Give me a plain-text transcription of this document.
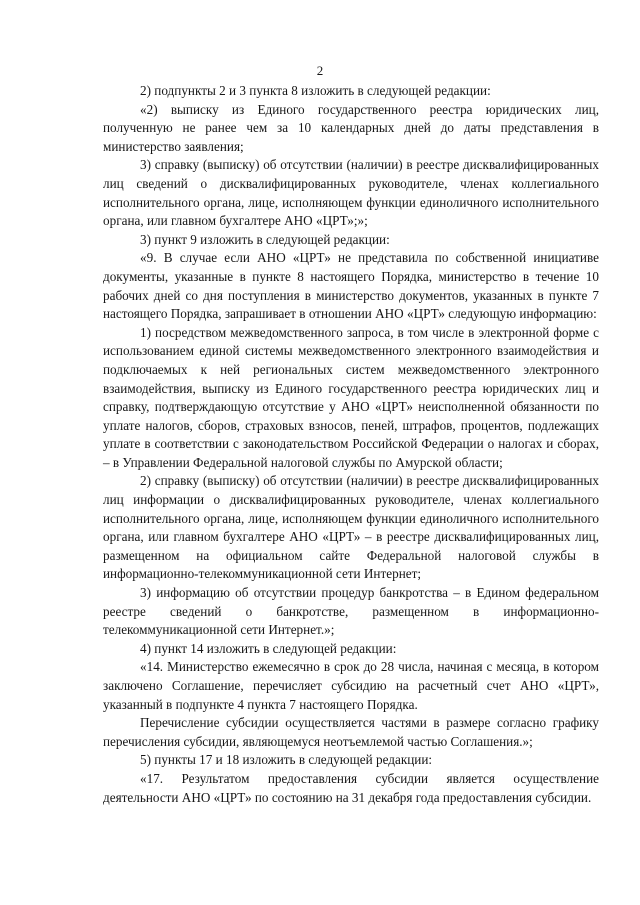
2

2) подпункты 2 и 3 пункта 8 изложить в следующей редакции:

«2) выписку из Единого государственного реестра юридических лиц, полученную не ранее чем за 10 календарных дней до даты представления в министерство заявления;

3) справку (выписку) об отсутствии (наличии) в реестре дисквалифицированных лиц сведений о дисквалифицированных руководителе, членах коллегиального исполнительного органа, лице, исполняющем функции единоличного исполнительного органа, или главном бухгалтере АНО «ЦРТ»;»;

3) пункт 9 изложить в следующей редакции:

«9. В случае если АНО «ЦРТ» не представила по собственной инициативе документы, указанные в пункте 8 настоящего Порядка, министерство в течение 10 рабочих дней со дня поступления в министерство документов, указанных в пункте 7 настоящего Порядка, запрашивает в отношении АНО «ЦРТ» следующую информацию:

1) посредством межведомственного запроса, в том числе в электронной форме с использованием единой системы межведомственного электронного взаимодействия и подключаемых к ней региональных систем межведомственного электронного взаимодействия, выписку из Единого государственного реестра юридических лиц и справку, подтверждающую отсутствие у АНО «ЦРТ» неисполненной обязанности по уплате налогов, сборов, страховых взносов, пеней, штрафов, процентов, подлежащих уплате в соответствии с законодательством Российской Федерации о налогах и сборах, – в Управлении Федеральной налоговой службы по Амурской области;

2) справку (выписку) об отсутствии (наличии) в реестре дисквалифицированных лиц информации о дисквалифицированных руководителе, членах коллегиального исполнительного органа, лице, исполняющем функции единоличного исполнительного органа, или главном бухгалтере АНО «ЦРТ» – в реестре дисквалифицированных лиц, размещенном на официальном сайте Федеральной налоговой службы в информационно-телекоммуникационной сети Интернет;

3) информацию об отсутствии процедур банкротства – в Едином федеральном реестре сведений о банкротстве, размещенном в информационно-телекоммуникационной сети Интернет.»;

4) пункт 14 изложить в следующей редакции:

«14. Министерство ежемесячно в срок до 28 числа, начиная с месяца, в котором заключено Соглашение, перечисляет субсидию на расчетный счет АНО «ЦРТ», указанный в подпункте 4 пункта 7 настоящего Порядка.

Перечисление субсидии осуществляется частями в размере согласно графику перечисления субсидии, являющемуся неотъемлемой частью Соглашения.»;

5) пункты 17 и 18 изложить в следующей редакции:

«17. Результатом предоставления субсидии является осуществление деятельности АНО «ЦРТ» по состоянию на 31 декабря года предоставления субсидии.
